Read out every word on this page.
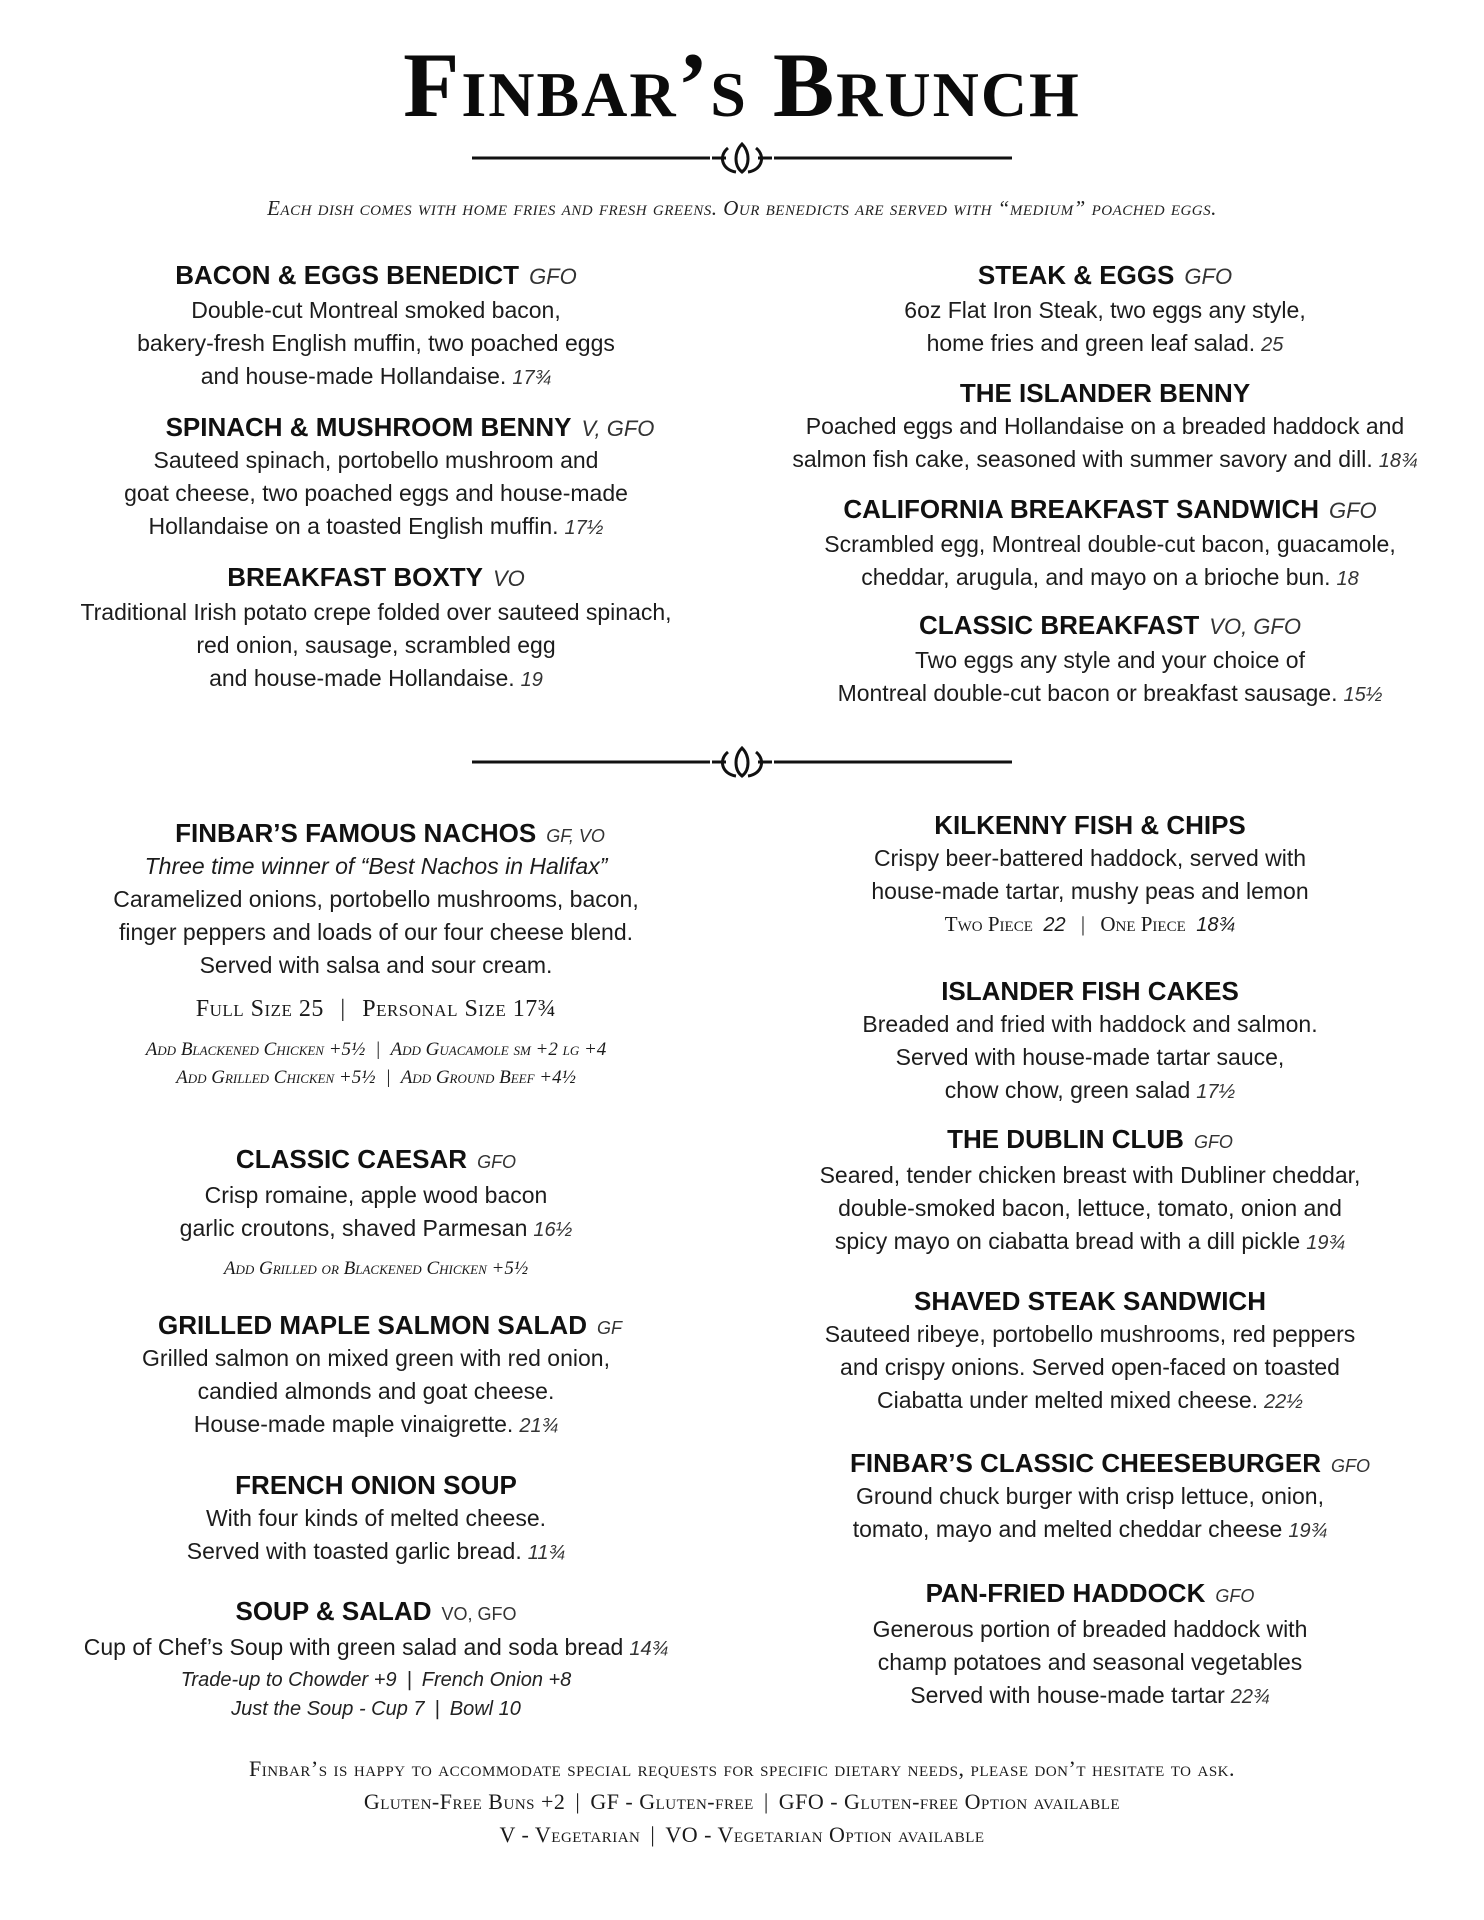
Finbar’s Brunch
Each dish comes with home fries and fresh greens. Our benedicts are served with “medium” poached eggs.
BACON & EGGS BENEDICT GFO
Double-cut Montreal smoked bacon,
bakery-fresh English muffin, two poached eggs
and house-made Hollandaise. 17¾
SPINACH & MUSHROOM BENNY V, GFO
Sauteed spinach, portobello mushroom and
goat cheese, two poached eggs and house-made
Hollandaise on a toasted English muffin. 17½
BREAKFAST BOXTY VO
Traditional Irish potato crepe folded over sauteed spinach,
red onion, sausage, scrambled egg
and house-made Hollandaise. 19
STEAK & EGGS GFO
6oz Flat Iron Steak, two eggs any style,
home fries and green leaf salad. 25
THE ISLANDER BENNY
Poached eggs and Hollandaise on a breaded haddock and
salmon fish cake, seasoned with summer savory and dill. 18¾
CALIFORNIA BREAKFAST SANDWICH GFO
Scrambled egg, Montreal double-cut bacon, guacamole,
cheddar, arugula, and mayo on a brioche bun. 18
CLASSIC BREAKFAST VO, GFO
Two eggs any style and your choice of
Montreal double-cut bacon or breakfast sausage. 15½
FINBAR’S FAMOUS NACHOS GF, VO
Three time winner of “Best Nachos in Halifax”
Caramelized onions, portobello mushrooms, bacon,
finger peppers and loads of our four cheese blend.
Served with salsa and sour cream.
Full Size 25 | Personal Size 17¾
Add Blackened Chicken +5½ | Add Guacamole sm +2 lg +4
Add Grilled Chicken +5½ | Add Ground Beef +4½
CLASSIC CAESAR GFO
Crisp romaine, apple wood bacon
garlic croutons, shaved Parmesan 16½
Add Grilled or Blackened Chicken +5½
GRILLED MAPLE SALMON SALAD GF
Grilled salmon on mixed green with red onion,
candied almonds and goat cheese.
House-made maple vinaigrette. 21¾
FRENCH ONION SOUP
With four kinds of melted cheese.
Served with toasted garlic bread. 11¾
SOUP & SALAD VO, GFO
Cup of Chef’s Soup with green salad and soda bread 14¾
Trade-up to Chowder +9 | French Onion +8
Just the Soup - Cup 7 | Bowl 10
KILKENNY FISH & CHIPS
Crispy beer-battered haddock, served with
house-made tartar, mushy peas and lemon
Two Piece 22 | One Piece 18¾
ISLANDER FISH CAKES
Breaded and fried with haddock and salmon.
Served with house-made tartar sauce,
chow chow, green salad 17½
THE DUBLIN CLUB GFO
Seared, tender chicken breast with Dubliner cheddar,
double-smoked bacon, lettuce, tomato, onion and
spicy mayo on ciabatta bread with a dill pickle 19¾
SHAVED STEAK SANDWICH
Sauteed ribeye, portobello mushrooms, red peppers
and crispy onions. Served open-faced on toasted
Ciabatta under melted mixed cheese. 22½
FINBAR’S CLASSIC CHEESEBURGER GFO
Ground chuck burger with crisp lettuce, onion,
tomato, mayo and melted cheddar cheese 19¾
PAN-FRIED HADDOCK GFO
Generous portion of breaded haddock with
champ potatoes and seasonal vegetables
Served with house-made tartar 22¾
Finbar’s is happy to accommodate special requests for specific dietary needs, please don’t hesitate to ask.
Gluten-Free Buns +2 | GF - Gluten-free | GFO - Gluten-free Option available
V - Vegetarian | VO - Vegetarian Option available
